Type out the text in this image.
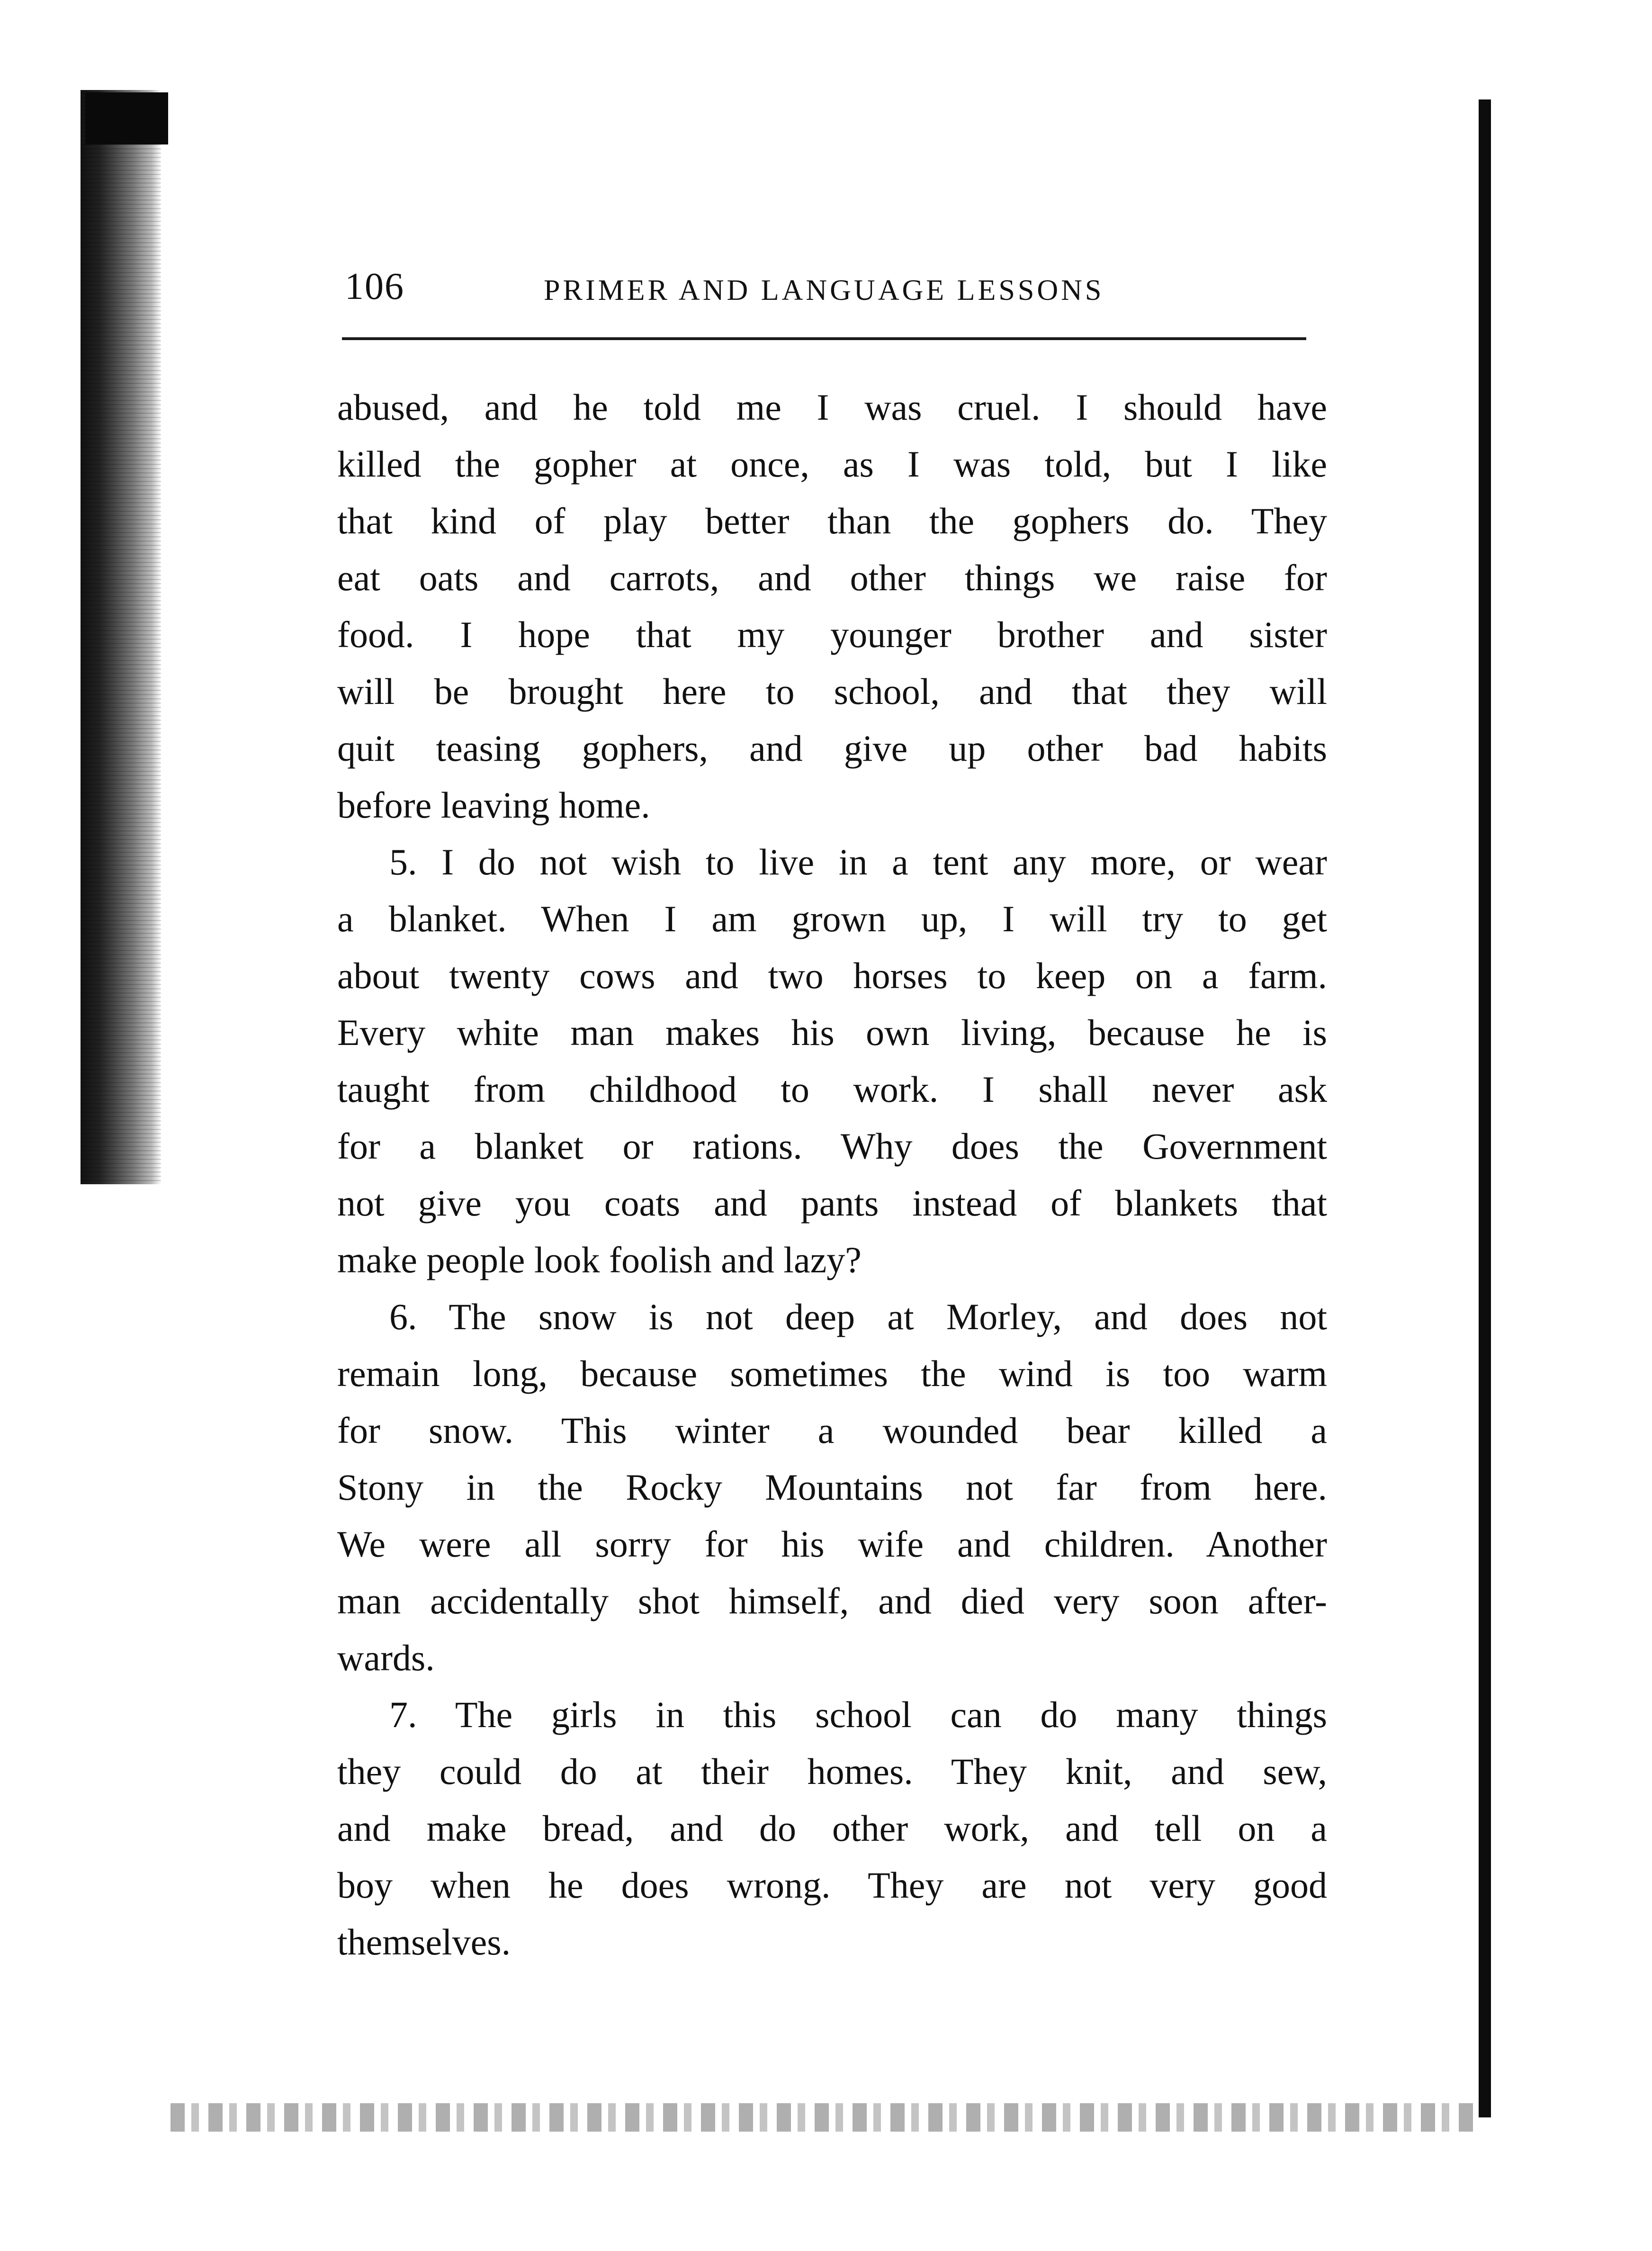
106	PRIMER AND LANGUAGE LESSONS
abused, and he told me I was cruel. I should have
killed the gopher at once, as I was told, but I like
that kind of play better than the gophers do. They
eat oats and carrots, and other things we raise for
food. I hope that my younger brother and sister
will be brought here to school, and that they will
quit teasing gophers, and give up other bad habits
before leaving home.
5. I do not wish to live in a tent any more, or wear
a blanket. When I am grown up, I will try to get
about twenty cows and two horses to keep on a farm.
Every white man makes his own living, because he is
taught from childhood to work. I shall never ask
for a blanket or rations. Why does the Government
not give you coats and pants instead of blankets that
make people look foolish and lazy?
6. The snow is not deep at Morley, and does not
remain long, because sometimes the wind is too warm
for snow. This winter a wounded bear killed a
Stony in the Rocky Mountains not far from here.
We were all sorry for his wife and children. Another
man accidentally shot himself, and died very soon after-
wards.
7. The girls in this school can do many things
they could do at their homes. They knit, and sew,
and make bread, and do other work, and tell on a
boy when he does wrong. They are not very good
themselves.
